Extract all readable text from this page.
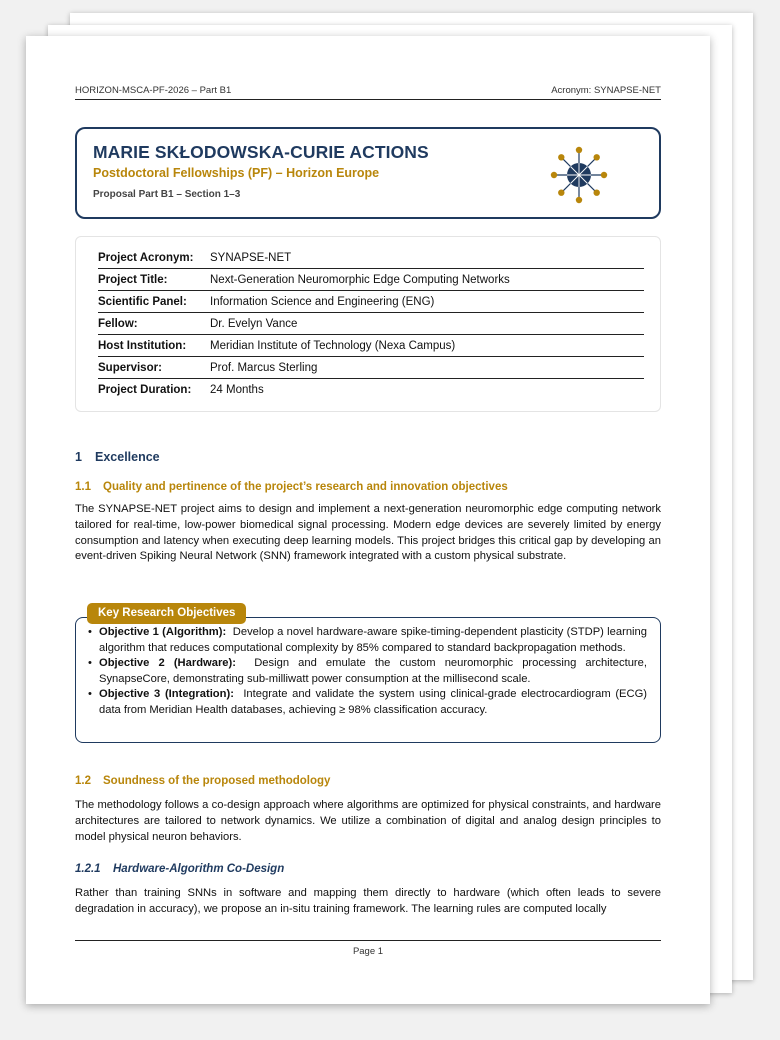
HORIZON-MSCA-PF-2026 – Part B1	Acronym: SYNAPSE-NET
MARIE SKŁODOWSKA-CURIE ACTIONS
Postdoctoral Fellowships (PF) – Horizon Europe
Proposal Part B1 – Section 1–3
Project Acronym:	SYNAPSE-NET
Project Title:	Next-Generation Neuromorphic Edge Computing Networks
Scientific Panel:	Information Science and Engineering (ENG)
Fellow:	Dr. Evelyn Vance
Host Institution:	Meridian Institute of Technology (Nexa Campus)
Supervisor:	Prof. Marcus Sterling
Project Duration:	24 Months
1 Excellence
1.1 Quality and pertinence of the project’s research and innovation objectives

The SYNAPSE-NET project aims to design and implement a next-generation neuromorphic edge computing network tailored for real-time, low-power biomedical signal processing. Modern edge devices are severely limited by energy consumption and latency when executing deep learning models. This project bridges this critical gap by developing an event-driven Spiking Neural Network (SNN) framework integrated with a custom physical substrate.

Key Research Objectives
• Objective 1 (Algorithm): Develop a novel hardware-aware spike-timing-dependent plasticity (STDP) learning algorithm that reduces computational complexity by 85% compared to standard backpropagation methods.
• Objective 2 (Hardware): Design and emulate the custom neuromorphic processing architecture, SynapseCore, demonstrating sub-milliwatt power consumption at the millisecond scale.
• Objective 3 (Integration): Integrate and validate the system using clinical-grade electrocardiogram (ECG) data from Meridian Health databases, achieving ≥ 98% classification accuracy.
1.2 Soundness of the proposed methodology

The methodology follows a co-design approach where algorithms are optimized for physical constraints, and hardware architectures are tailored to network dynamics. We utilize a combination of digital and analog design principles to model physical neuron behaviors.

1.2.1 Hardware-Algorithm Co-Design

Rather than training SNNs in software and mapping them directly to hardware (which often leads to severe degradation in accuracy), we propose an in-situ training framework. The learning rules are computed locally

Page 1
